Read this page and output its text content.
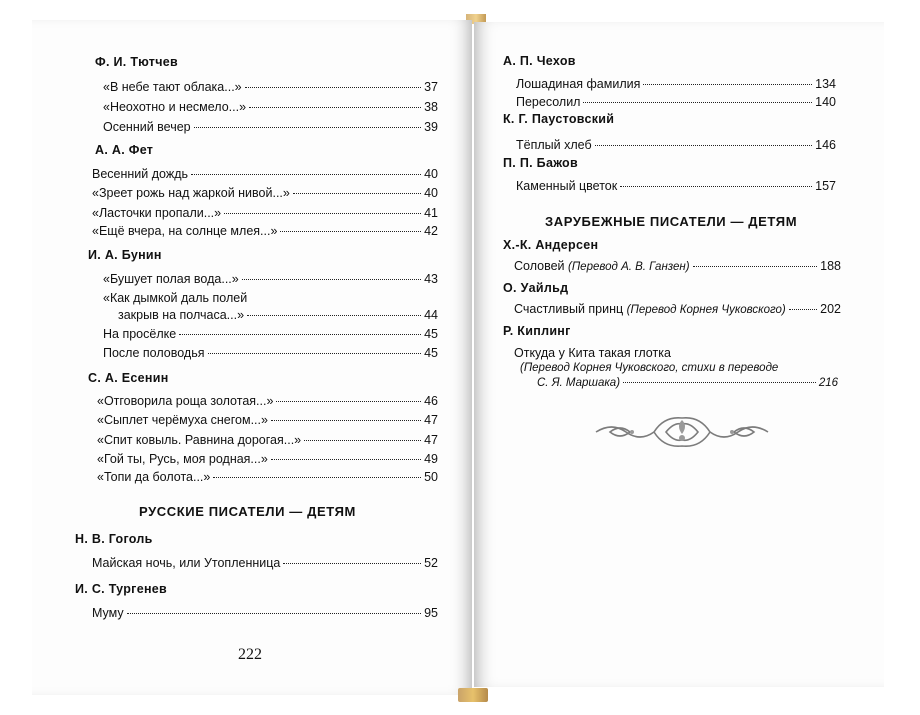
Ф. И. Тютчев
«В небе тают облака...»	37
«Неохотно и несмело...»	38
Осенний вечер	39
А. А. Фет
Весенний дождь	40
«Зреет рожь над жаркой нивой...»	40
«Ласточки пропали...»	41
«Ещё вчера, на солнце млея...»	42
И. А. Бунин
«Бушует полая вода...»	43
«Как дымкой даль полей
закрыв на полчаса...»	44
На просёлке	45
После половодья	45
С. А. Есенин
«Отговорила роща золотая...»	46
«Сыплет черёмуха снегом...»	47
«Спит ковыль. Равнина дорогая...»	47
«Гой ты, Русь, моя родная...»	49
«Топи да болота...»	50
РУССКИЕ ПИСАТЕЛИ — ДЕТЯМ
Н. В. Гоголь
Майская ночь, или Утопленница	52
И. С. Тургенев
Муму	95
222
А. П. Чехов
Лошадиная фамилия	134
Пересолил	140
К. Г. Паустовский
Тёплый хлеб	146
П. П. Бажов
Каменный цветок	157
ЗАРУБЕЖНЫЕ ПИСАТЕЛИ — ДЕТЯМ
Х.-К. Андерсен
Соловей (Перевод А. В. Ганзен)	188
О. Уайльд
Счастливый принц (Перевод Корнея Чуковского)	202
Р. Киплинг
Откуда у Кита такая глотка
(Перевод Корнея Чуковского, стихи в переводе
С. Я. Маршака)	216
